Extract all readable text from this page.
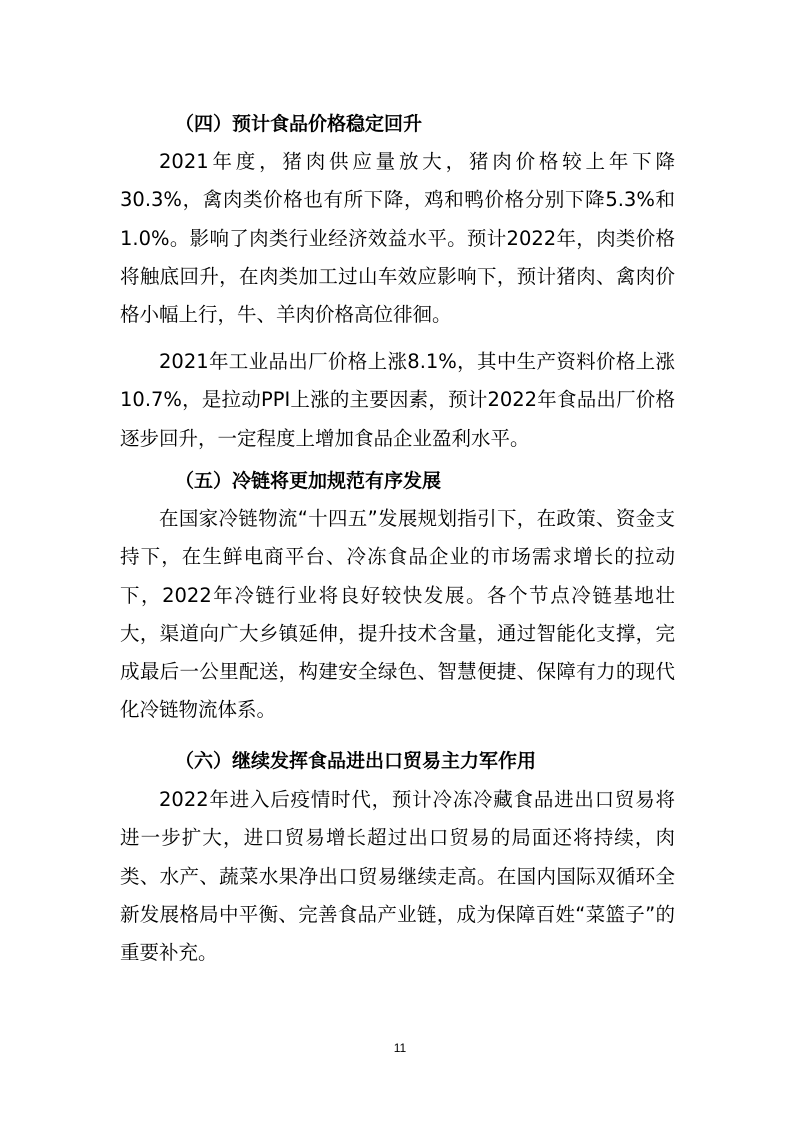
（四）预计食品价格稳定回升

2021年度，猪肉供应量放大，猪肉价格较上年下降30.3%，禽肉类价格也有所下降，鸡和鸭价格分别下降5.3%和1.0%。影响了肉类行业经济效益水平。预计2022年，肉类价格将触底回升，在肉类加工过山车效应影响下，预计猪肉、禽肉价格小幅上行，牛、羊肉价格高位徘徊。

2021年工业品出厂价格上涨8.1%，其中生产资料价格上涨10.7%，是拉动PPI上涨的主要因素，预计2022年食品出厂价格逐步回升，一定程度上增加食品企业盈利水平。

（五）冷链将更加规范有序发展

在国家冷链物流“十四五”发展规划指引下，在政策、资金支持下，在生鲜电商平台、冷冻食品企业的市场需求增长的拉动下，2022年冷链行业将良好较快发展。各个节点冷链基地壮大，渠道向广大乡镇延伸，提升技术含量，通过智能化支撑，完成最后一公里配送，构建安全绿色、智慧便捷、保障有力的现代化冷链物流体系。

（六）继续发挥食品进出口贸易主力军作用

2022年进入后疫情时代，预计冷冻冷藏食品进出口贸易将进一步扩大，进口贸易增长超过出口贸易的局面还将持续，肉类、水产、蔬菜水果净出口贸易继续走高。在国内国际双循环全新发展格局中平衡、完善食品产业链，成为保障百姓“菜篮子”的重要补充。

11
